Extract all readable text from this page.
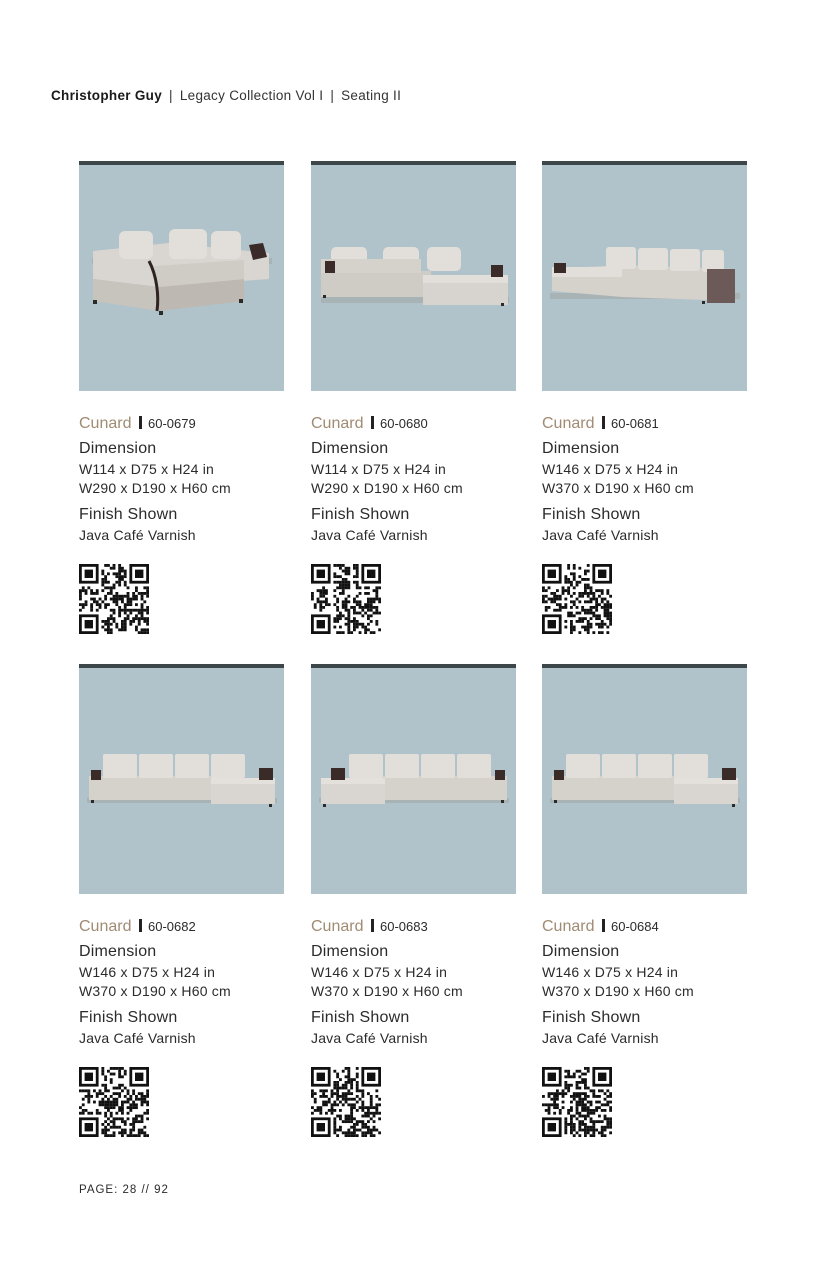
Christopher Guy | Legacy Collection Vol I | Seating II
Cunard 60-0679
Dimension
W114 x D75 x H24 in
W290 x D190 x H60 cm
Finish Shown
Java Café Varnish
Cunard 60-0680
Dimension
W114 x D75 x H24 in
W290 x D190 x H60 cm
Finish Shown
Java Café Varnish
Cunard 60-0681
Dimension
W146 x D75 x H24 in
W370 x D190 x H60 cm
Finish Shown
Java Café Varnish
Cunard 60-0682
Dimension
W146 x D75 x H24 in
W370 x D190 x H60 cm
Finish Shown
Java Café Varnish
Cunard 60-0683
Dimension
W146 x D75 x H24 in
W370 x D190 x H60 cm
Finish Shown
Java Café Varnish
Cunard 60-0684
Dimension
W146 x D75 x H24 in
W370 x D190 x H60 cm
Finish Shown
Java Café Varnish
PAGE: 28 // 92
